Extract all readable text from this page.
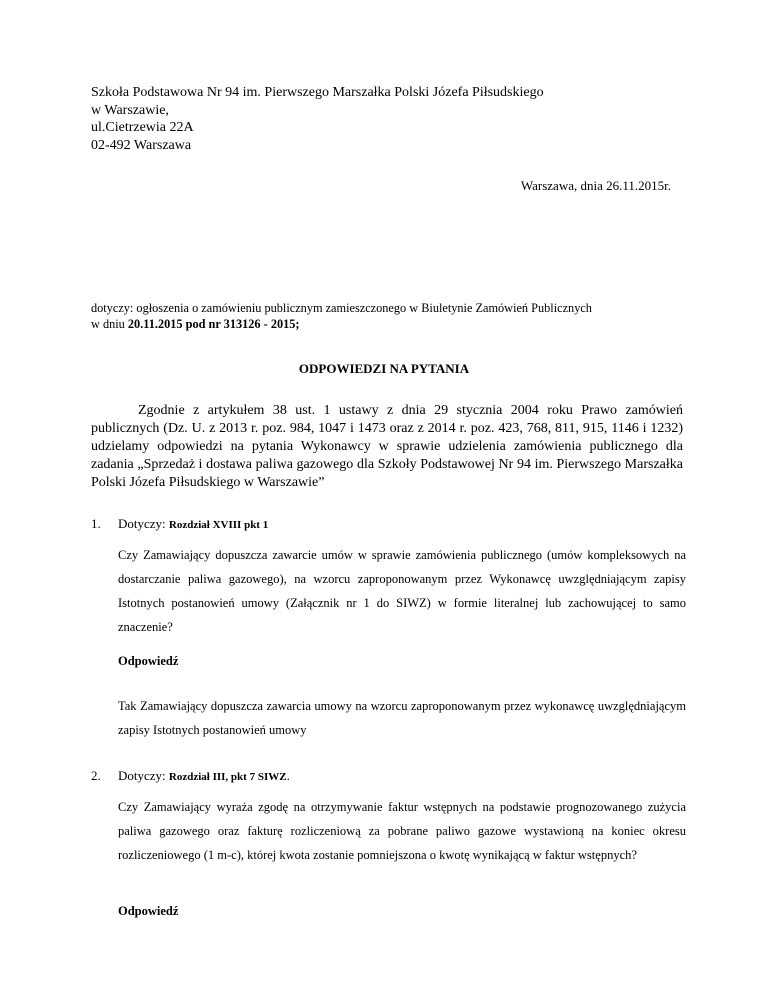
Szkoła Podstawowa Nr 94 im. Pierwszego Marszałka Polski Józefa Piłsudskiego
w Warszawie,
ul.Cietrzewia 22A
02-492 Warszawa
Warszawa, dnia 26.11.2015r.
dotyczy: ogłoszenia o zamówieniu publicznym zamieszczonego w Biuletynie Zamówień Publicznych
w dniu 20.11.2015 pod nr 313126 - 2015;
ODPOWIEDZI NA PYTANIA
Zgodnie z artykułem 38 ust. 1 ustawy z dnia 29 stycznia 2004 roku Prawo zamówień publicznych (Dz. U. z 2013 r. poz. 984, 1047 i 1473 oraz z 2014 r. poz. 423, 768, 811, 915, 1146 i 1232) udzielamy odpowiedzi na pytania Wykonawcy w sprawie udzielenia zamówienia publicznego dla zadania „Sprzedaż i dostawa paliwa gazowego dla Szkoły Podstawowej Nr 94 im. Pierwszego Marszałka Polski Józefa Piłsudskiego w Warszawie”
1. Dotyczy: Rozdział XVIII pkt 1
Czy Zamawiający dopuszcza zawarcie umów w sprawie zamówienia publicznego (umów kompleksowych na dostarczanie paliwa gazowego), na wzorcu zaproponowanym przez Wykonawcę uwzględniającym zapisy Istotnych postanowień umowy (Załącznik nr 1 do SIWZ) w formie literalnej lub zachowującej to samo znaczenie?
Odpowiedź
Tak Zamawiający dopuszcza zawarcia umowy na wzorcu zaproponowanym przez wykonawcę uwzględniającym zapisy Istotnych postanowień umowy
2. Dotyczy: Rozdział III, pkt 7 SIWZ.
Czy Zamawiający wyraża zgodę na otrzymywanie faktur wstępnych na podstawie prognozowanego zużycia paliwa gazowego oraz fakturę rozliczeniową za pobrane paliwo gazowe wystawioną na koniec okresu rozliczeniowego (1 m-c), której kwota zostanie pomniejszona o kwotę wynikającą w faktur wstępnych?
Odpowiedź
